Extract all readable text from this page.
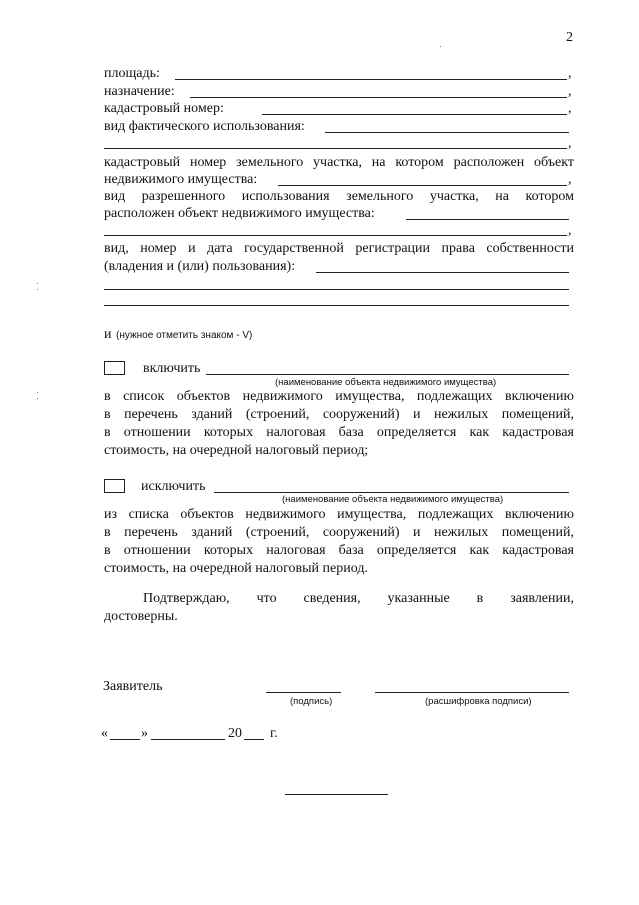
2
площадь:	,
назначение:	,
кадастровый номер:	,
вид фактического использования:
,
кадастровый номер земельного участка, на котором расположен объект
недвижимого имущества:	,
вид разрешенного использования земельного участка, на котором
расположен объект недвижимого имущества:
,
вид, номер и дата государственной регистрации права собственности
(владения и (или) пользования):
и (нужное отметить знаком - V)
включить
(наименование объекта недвижимого имущества)
в список объектов недвижимого имущества, подлежащих включению
в перечень зданий (строений, сооружений) и нежилых помещений,
в отношении которых налоговая база определяется как кадастровая
стоимость, на очередной налоговый период;
исключить
(наименование объекта недвижимого имущества)
из списка объектов недвижимого имущества, подлежащих включению
в перечень зданий (строений, сооружений) и нежилых помещений,
в отношении которых налоговая база определяется как кадастровая
стоимость, на очередной налоговый период.
Подтверждаю, что сведения, указанные в заявлении,
достоверны.
Заявитель
(подпись)	(расшифровка подписи)
« »	20 г.
